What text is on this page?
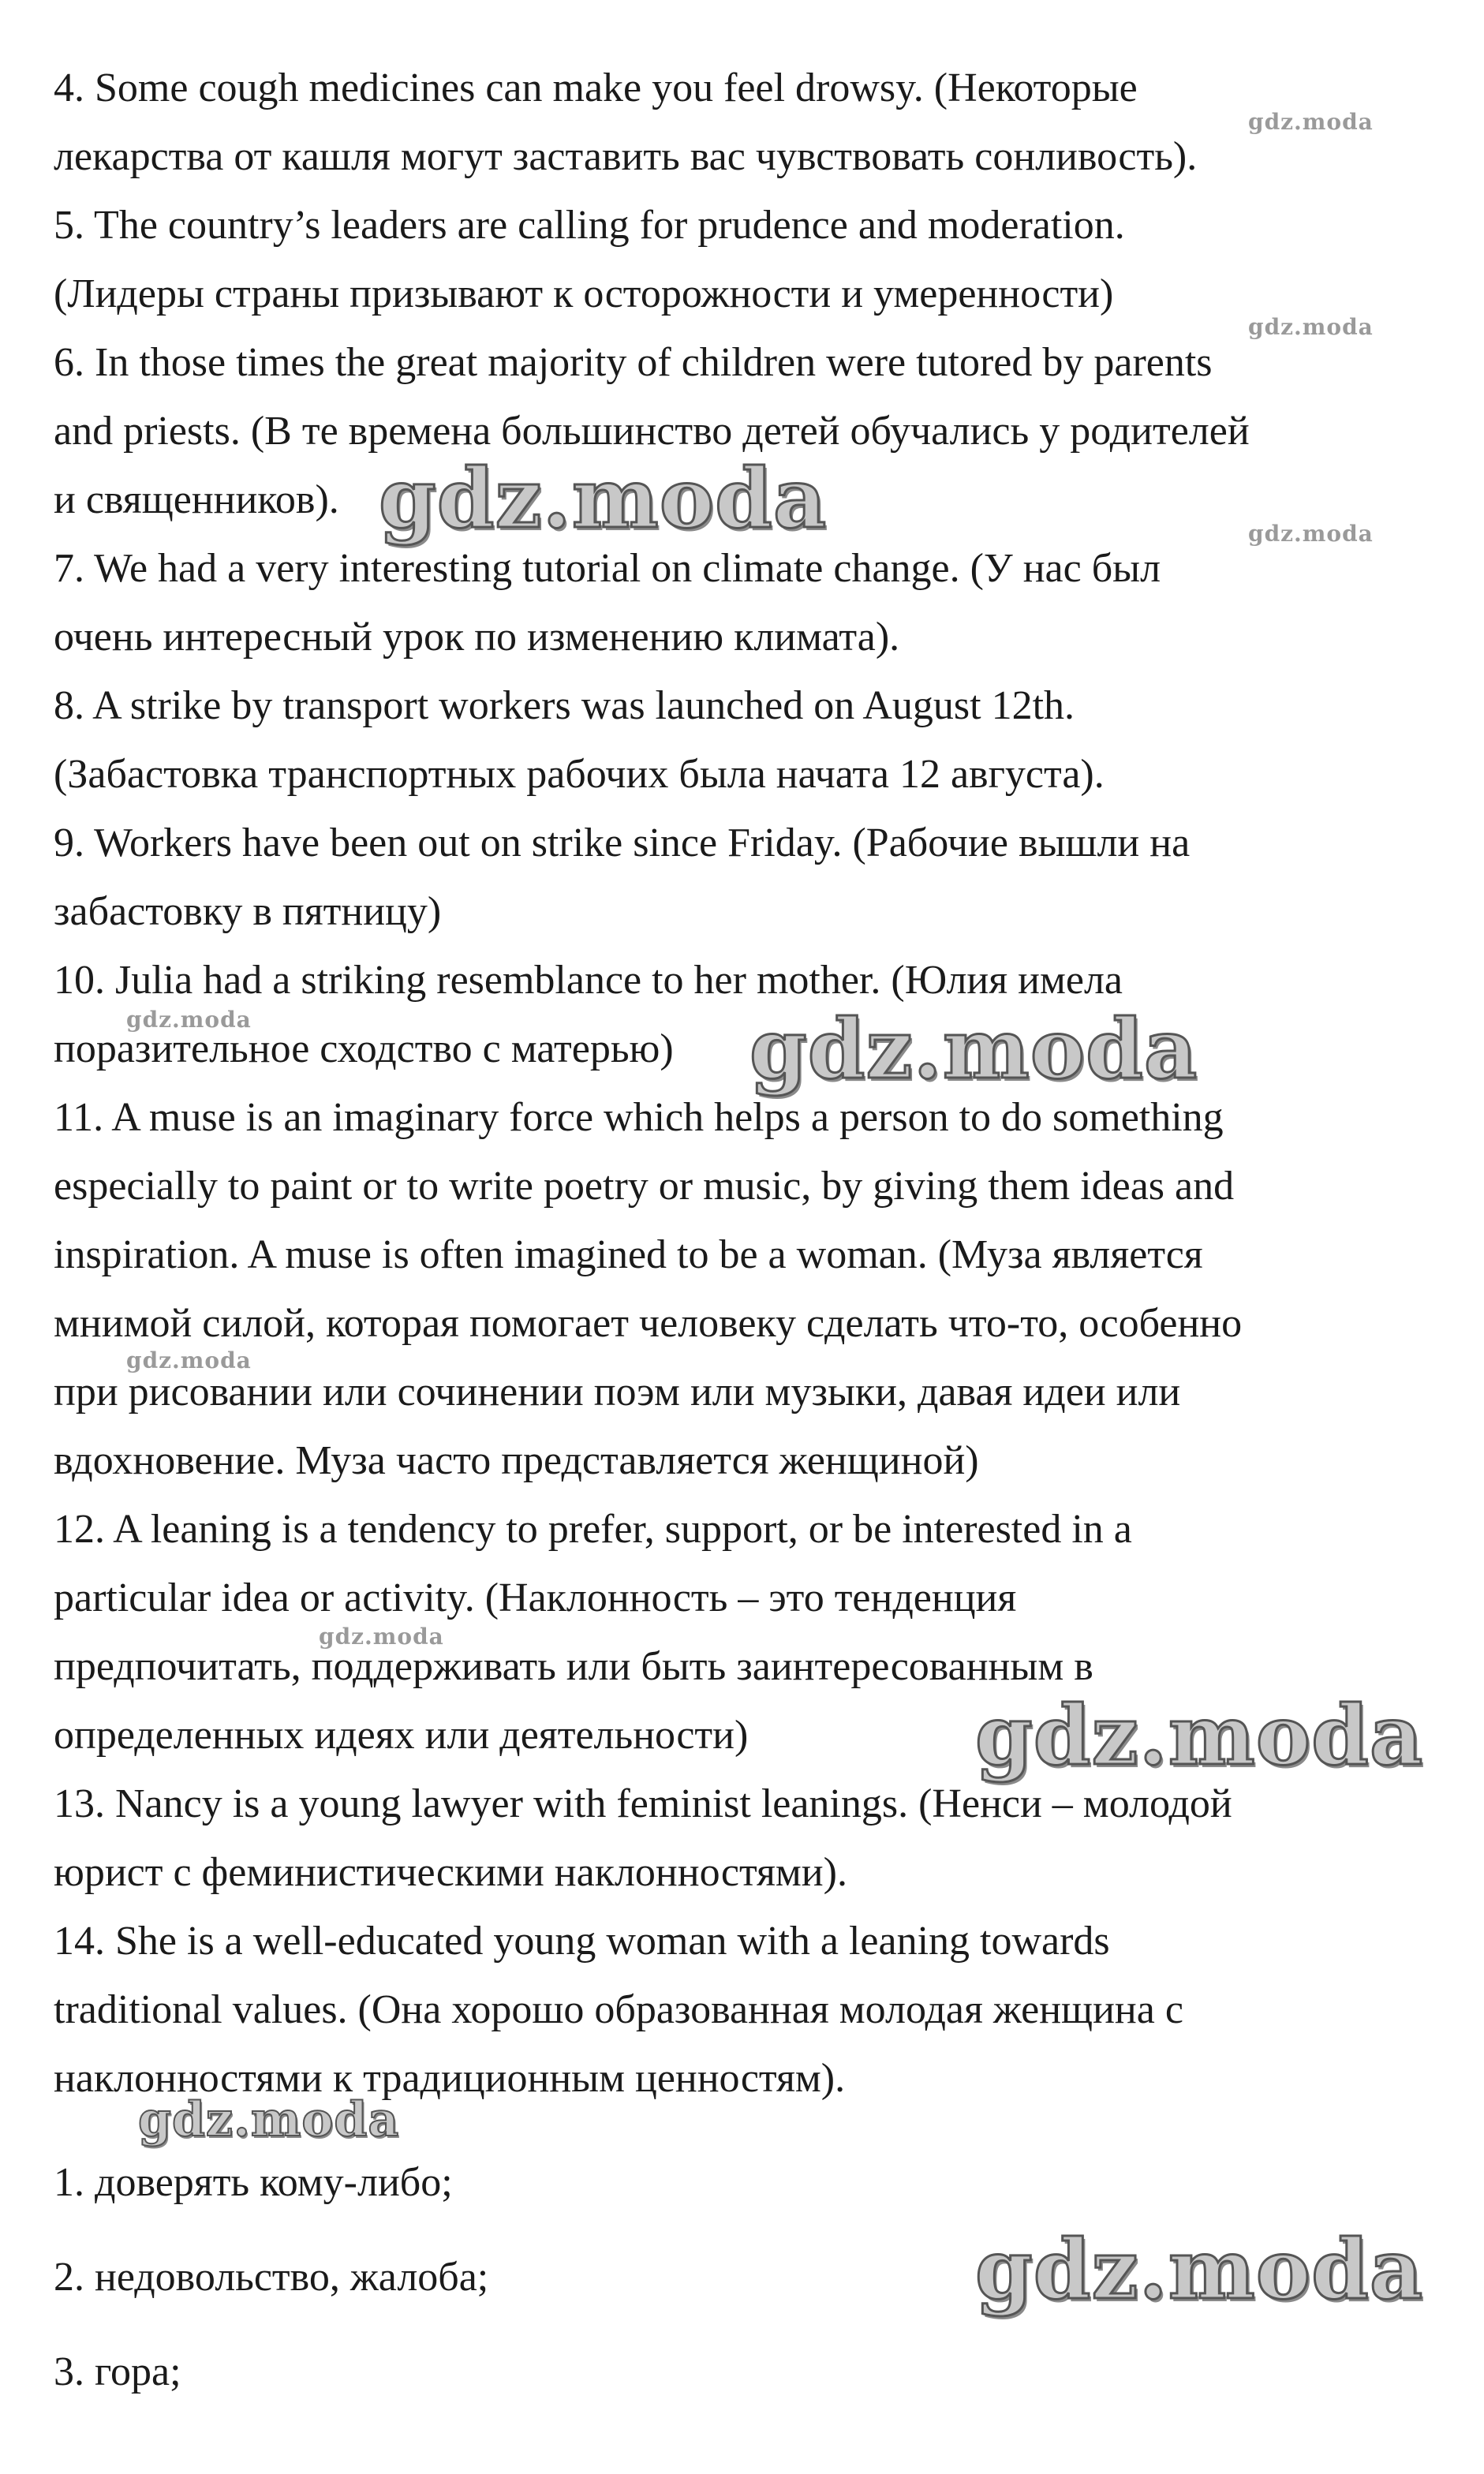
4. Some cough medicines can make you feel drowsy. (Некоторые
лекарства от кашля могут заставить вас чувствовать сонливость).
5. The country’s leaders are calling for prudence and moderation.
(Лидеры страны призывают к осторожности и умеренности)
6. In those times the great majority of children were tutored by parents
and priests. (В те времена большинство детей обучались у родителей
и священников).
7. We had a very interesting tutorial on climate change. (У нас был
очень интересный урок по изменению климата).
8. A strike by transport workers was launched on August 12th.
(Забастовка транспортных рабочих была начата 12 августа).
9. Workers have been out on strike since Friday. (Рабочие вышли на
забастовку в пятницу)
10. Julia had a striking resemblance to her mother. (Юлия имела
поразительное сходство с матерью)
11. A muse is an imaginary force which helps a person to do something
especially to paint or to write poetry or music, by giving them ideas and
inspiration. A muse is often imagined to be a woman. (Муза является
мнимой силой, которая помогает человеку сделать что-то, особенно
при рисовании или сочинении поэм или музыки, давая идеи или
вдохновение. Муза часто представляется женщиной)
12. A leaning is a tendency to prefer, support, or be interested in a
particular idea or activity. (Наклонность – это тенденция
предпочитать, поддерживать или быть заинтересованным в
определенных идеях или деятельности)
13. Nancy is a young lawyer with feminist leanings. (Ненси – молодой
юрист с феминистическими наклонностями).
14. She is a well-educated young woman with a leaning towards
traditional values. (Она хорошо образованная молодая женщина с
наклонностями к традиционным ценностям).
1. доверять кому-либо;
2. недовольство, жалоба;
3. гора;
gdz.moda
gdz.moda
gdz.moda
gdz.moda
gdz.moda
gdz.moda
gdz.moda
gdz.moda
gdz.moda
gdz.moda
gdz.moda
